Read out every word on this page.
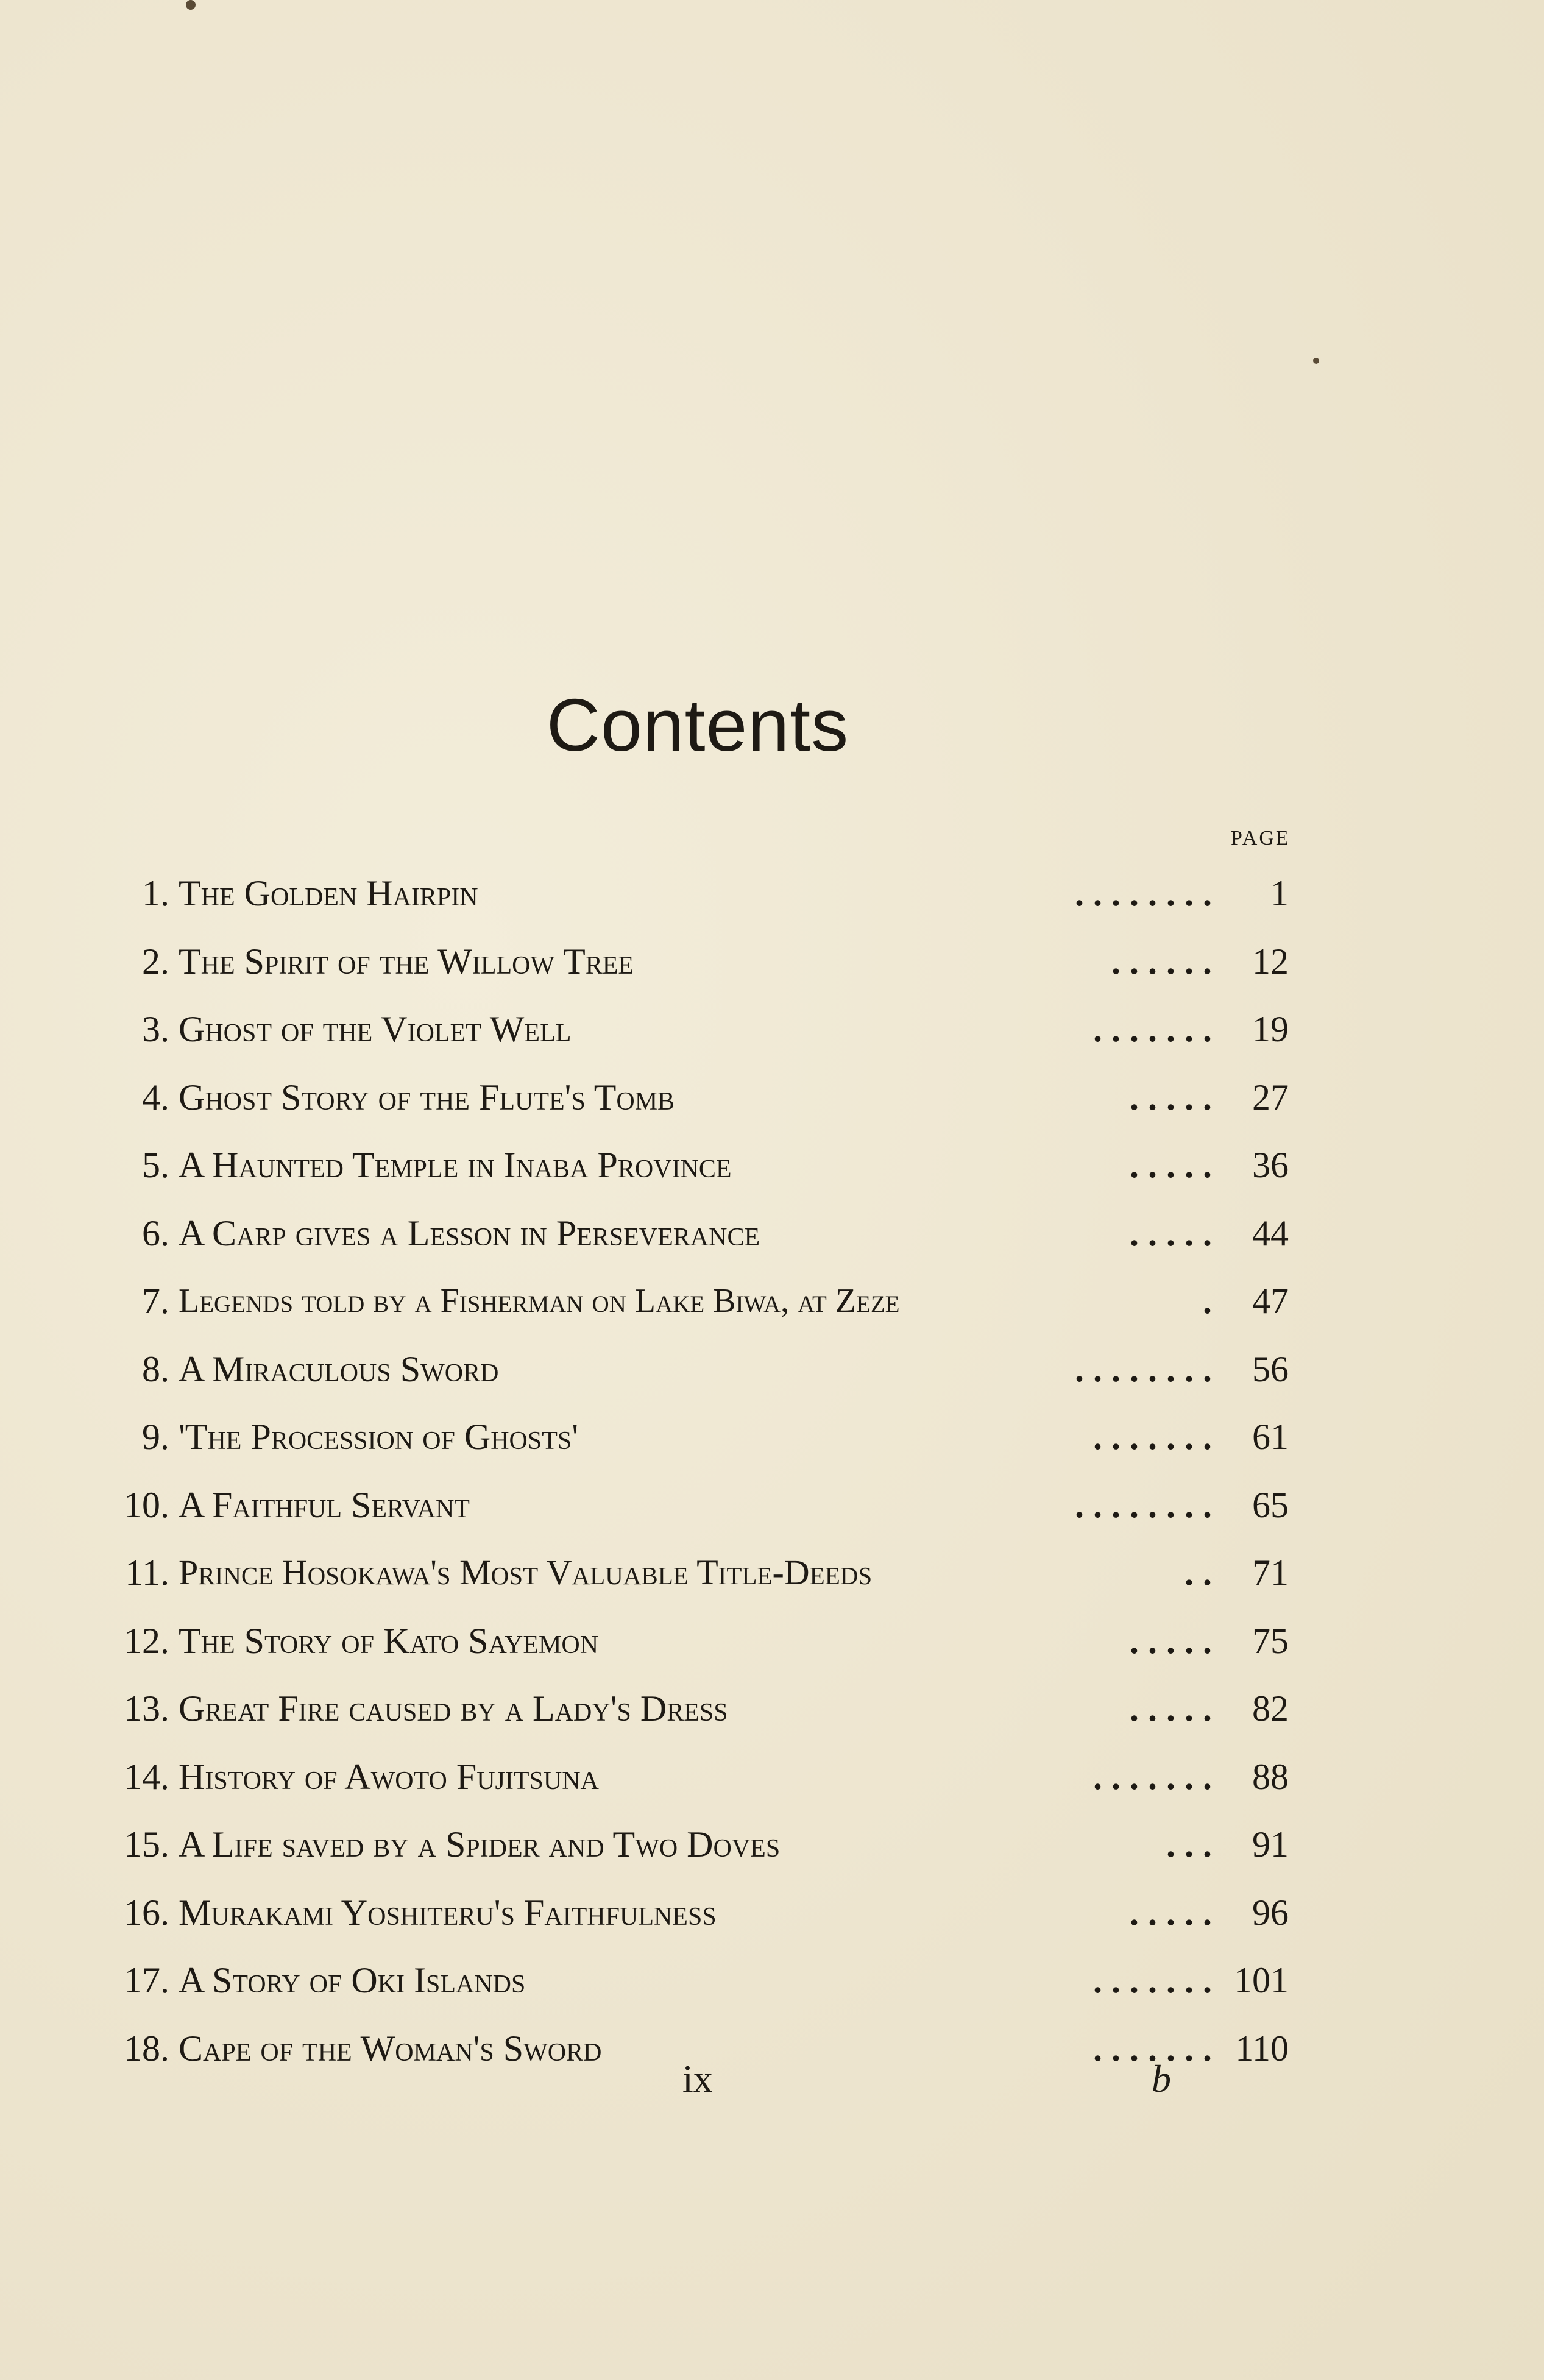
Contents
PAGE
1. The Golden Hairpin	. . . . . . . .	1
2. The Spirit of the Willow Tree	. . . . . .	12
3. Ghost of the Violet Well	. . . . . . .	19
4. Ghost Story of the Flute's Tomb	. . . . .	27
5. A Haunted Temple in Inaba Province	. . . . .	36
6. A Carp gives a Lesson in Perseverance	. . . . .	44
7. Legends told by a Fisherman on Lake Biwa, at Zeze	.	47
8. A Miraculous Sword	. . . . . . . .	56
9. 'The Procession of Ghosts'	. . . . . . .	61
10. A Faithful Servant	. . . . . . . .	65
11. Prince Hosokawa's Most Valuable Title-Deeds	. .	71
12. The Story of Kato Sayemon	. . . . .	75
13. Great Fire caused by a Lady's Dress	. . . . .	82
14. History of Awoto Fujitsuna	. . . . . . .	88
15. A Life saved by a Spider and Two Doves	. . .	91
16. Murakami Yoshiteru's Faithfulness	. . . . .	96
17. A Story of Oki Islands	. . . . . . . 101
18. Cape of the Woman's Sword	. . . . . . . 110
ix	b
